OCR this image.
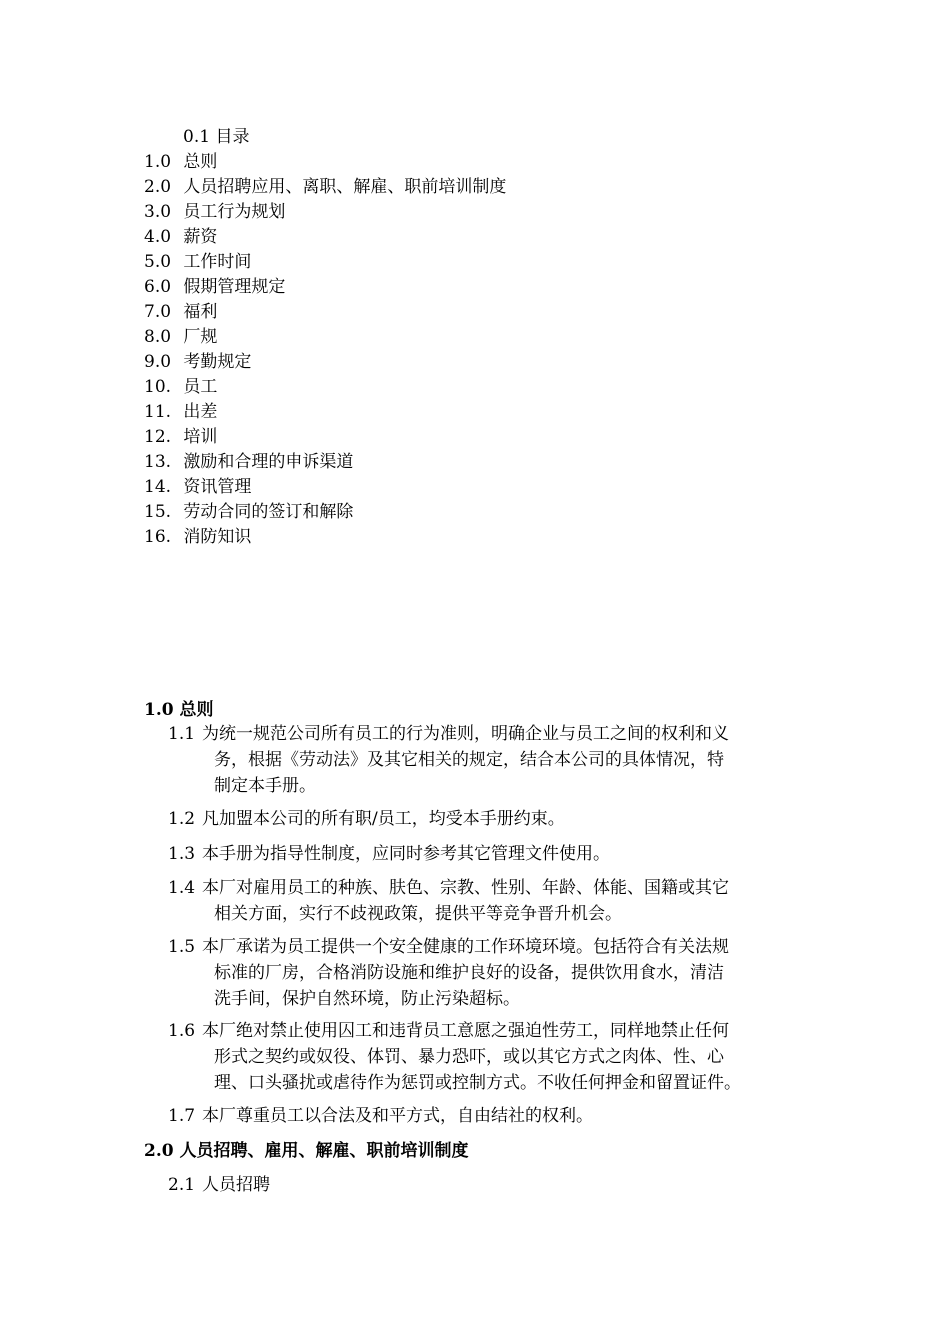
0.1 目录
1.0 总则
2.0 人员招聘应用、离职、解雇、职前培训制度
3.0 员工行为规划
4.0 薪资
5.0 工作时间
6.0 假期管理规定
7.0 福利
8.0 厂规
9.0 考勤规定
10. 员工
11. 出差
12. 培训
13. 激励和合理的申诉渠道
14. 资讯管理
15. 劳动合同的签订和解除
16. 消防知识
1.0 总则
1.1 为统一规范公司所有员工的行为准则，明确企业与员工之间的权利和义
务，根据《劳动法》及其它相关的规定，结合本公司的具体情况，特
制定本手册。
1.2 凡加盟本公司的所有职/员工，均受本手册约束。
1.3 本手册为指导性制度，应同时参考其它管理文件使用。
1.4 本厂对雇用员工的种族、肤色、宗教、性别、年龄、体能、国籍或其它
相关方面，实行不歧视政策，提供平等竞争晋升机会。
1.5 本厂承诺为员工提供一个安全健康的工作环境环境。包括符合有关法规
标准的厂房，合格消防设施和维护良好的设备，提供饮用食水，清洁
洗手间，保护自然环境，防止污染超标。
1.6 本厂绝对禁止使用囚工和违背员工意愿之强迫性劳工，同样地禁止任何
形式之契约或奴役、体罚、暴力恐吓，或以其它方式之肉体、性、心
理、口头骚扰或虐待作为惩罚或控制方式。不收任何押金和留置证件。
1.7 本厂尊重员工以合法及和平方式，自由结社的权利。
2.0 人员招聘、雇用、解雇、职前培训制度
2.1 人员招聘
